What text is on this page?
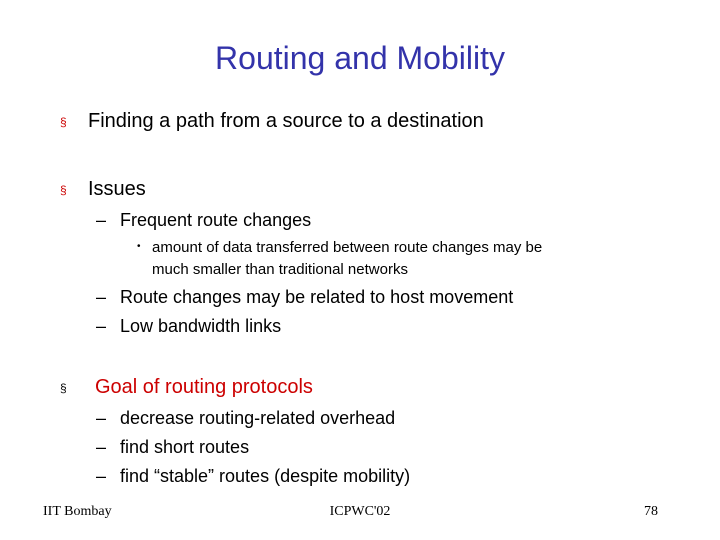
Routing and Mobility
§ Finding a path from a source to a destination
§ Issues
– Frequent route changes
• amount of data transferred between route changes may be
much smaller than traditional networks
– Route changes may be related to host movement
– Low bandwidth links
§ Goal of routing protocols
– decrease routing-related overhead
– find short routes
– find “stable” routes (despite mobility)
IIT Bombay	ICPWC'02	78
